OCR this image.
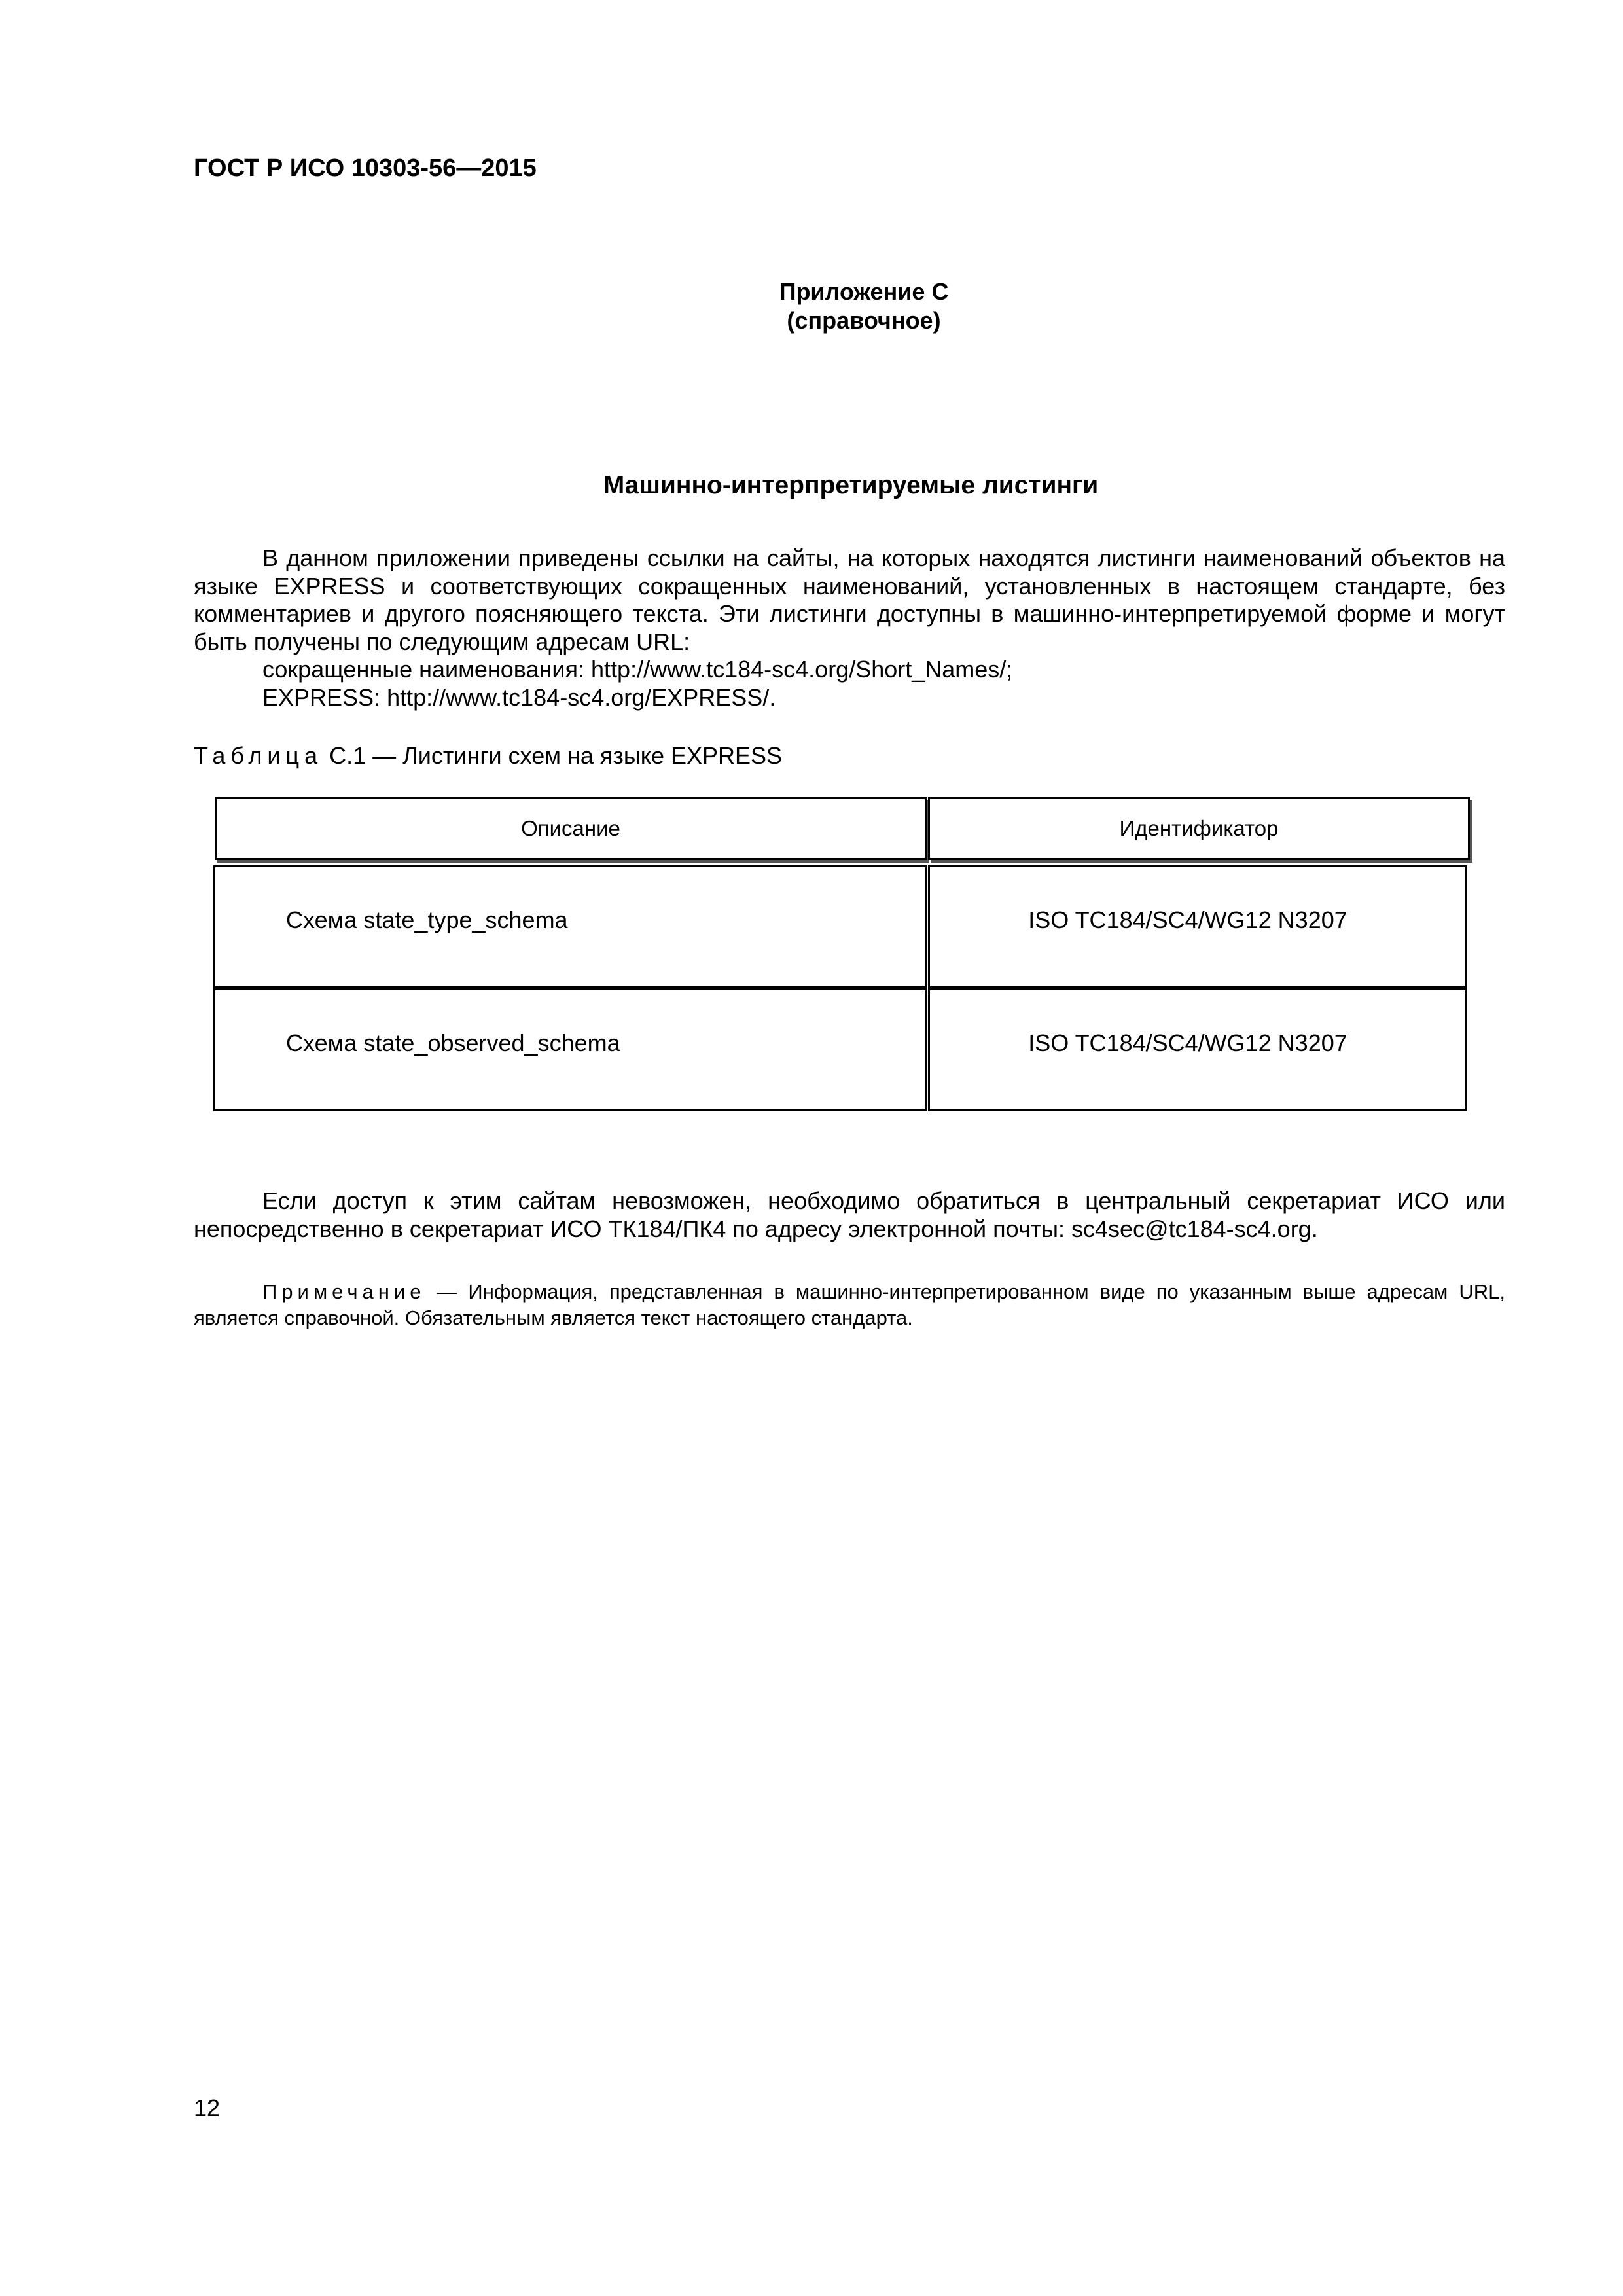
ГОСТ Р ИСО 10303-56—2015
Приложение С
(справочное)
Машинно-интерпретируемые листинги
В данном приложении приведены ссылки на сайты, на которых находятся листинги наименований объектов на языке EXPRESS и соответствующих сокращенных наименований, установленных в настоящем стандарте, без комментариев и другого поясняющего текста. Эти листинги доступны в машинно-интерпретируемой форме и могут быть получены по следующим адресам URL:
сокращенные наименования: http://www.tc184-sc4.org/Short_Names/;
EXPRESS: http://www.tc184-sc4.org/EXPRESS/.
Таблица С.1 — Листинги схем на языке EXPRESS
Описание	Идентификатор
Схема state_type_schema	ISO TC184/SC4/WG12 N3207
Схема state_observed_schema	ISO TC184/SC4/WG12 N3207
Если доступ к этим сайтам невозможен, необходимо обратиться в центральный секретариат ИСО или непосредственно в секретариат ИСО ТК184/ПК4 по адресу электронной почты: sc4sec@tc184-sc4.org.
Примечание — Информация, представленная в машинно-интерпретированном виде по указанным выше адресам URL, является справочной. Обязательным является текст настоящего стандарта.
12
